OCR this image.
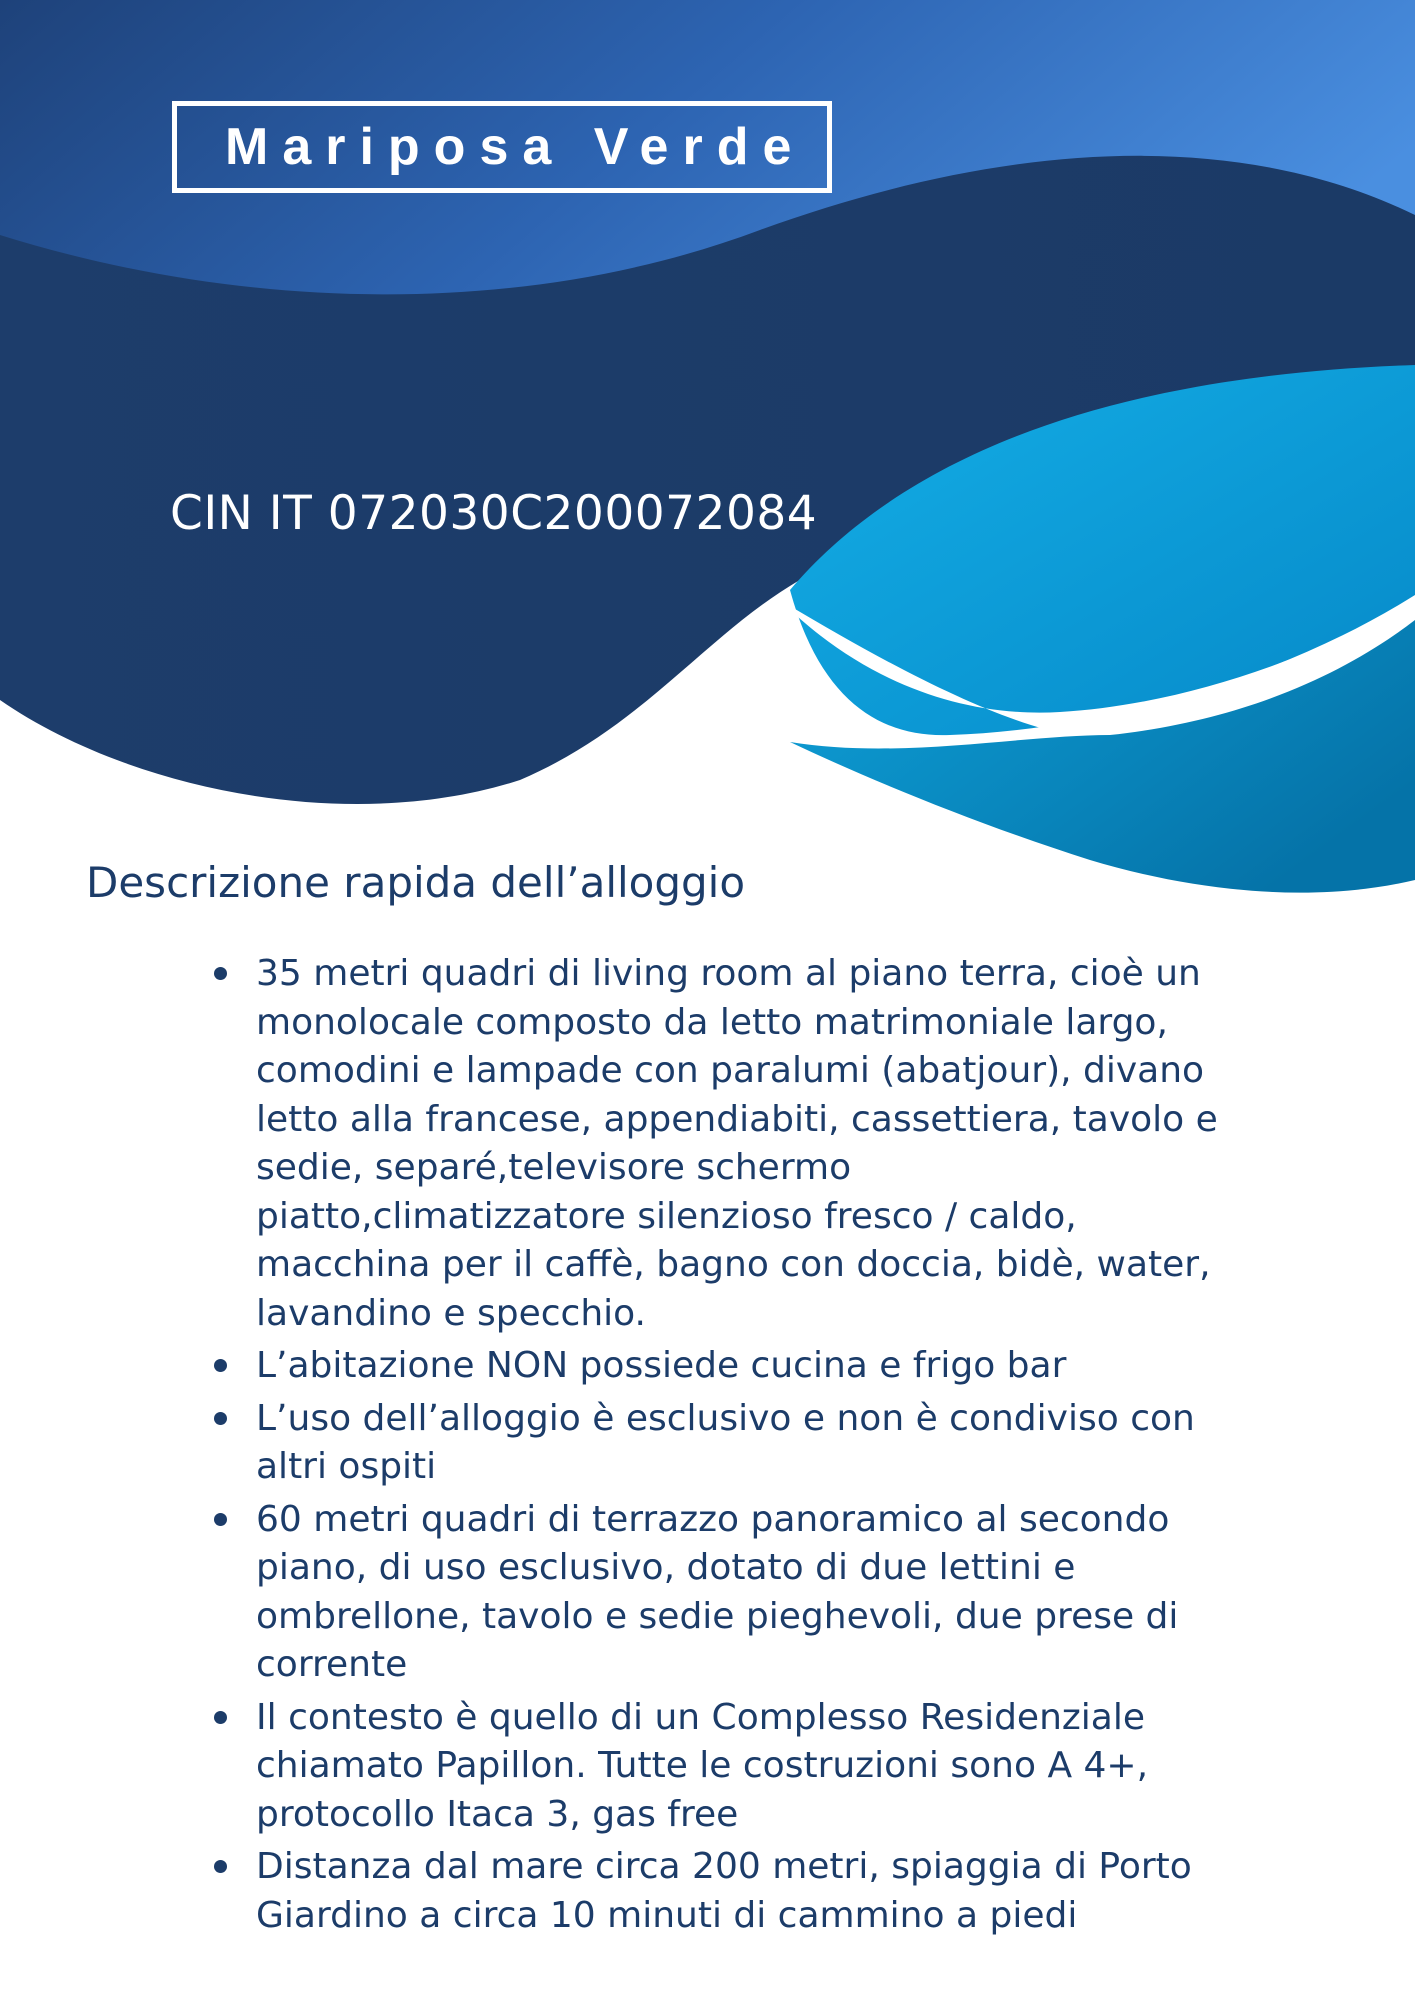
Mariposa Verde
CIN IT 072030C200072084
Descrizione rapida dell’alloggio
35 metri quadri di living room al piano terra, cioè un monolocale composto da letto matrimoniale largo, comodini e lampade con paralumi (abatjour), divano letto alla francese, appendiabiti, cassettiera, tavolo e sedie, separé,televisore schermo piatto,climatizzatore silenzioso fresco / caldo, macchina per il caffè, bagno con doccia, bidè, water, lavandino e specchio.
L’abitazione NON possiede cucina e frigo bar
L’uso dell’alloggio è esclusivo e non è condiviso con altri ospiti
60 metri quadri di terrazzo panoramico al secondo piano, di uso esclusivo, dotato di due lettini e ombrellone, tavolo e sedie pieghevoli, due prese di corrente
Il contesto è quello di un Complesso Residenziale chiamato Papillon. Tutte le costruzioni sono A 4+, protocollo Itaca 3, gas free
Distanza dal mare circa 200 metri, spiaggia di Porto Giardino a circa 10 minuti di cammino a piedi
